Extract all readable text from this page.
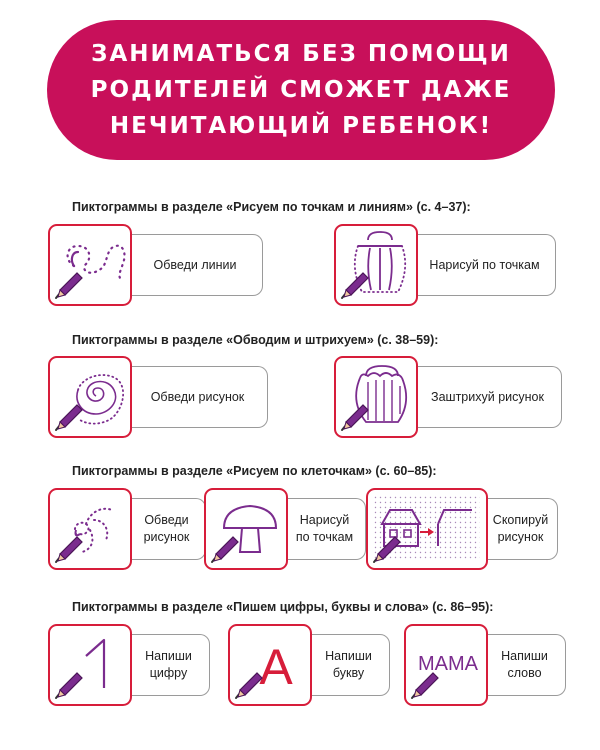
ЗАНИМАТЬСЯ БЕЗ ПОМОЩИ
РОДИТЕЛЕЙ СМОЖЕТ ДАЖЕ
НЕЧИТАЮЩИЙ РЕБЕНОК!
Пиктограммы в разделе «Рисуем по точкам и линиям» (с. 4–37):
Обведи линии	Нарисуй по точкам
Пиктограммы в разделе «Обводим и штрихуем» (с. 38–59):
Обведи рисунок	Заштрихуй рисунок
Пиктограммы в разделе «Рисуем по клеточкам» (с. 60–85):
Обведи
рисунок
Нарисуй
по точкам
Скопируй
рисунок
Пиктограммы в разделе «Пишем цифры, буквы и слова» (с. 86–95):
Напиши
цифру A	Напиши
букву	МАМА Напиши
слово
